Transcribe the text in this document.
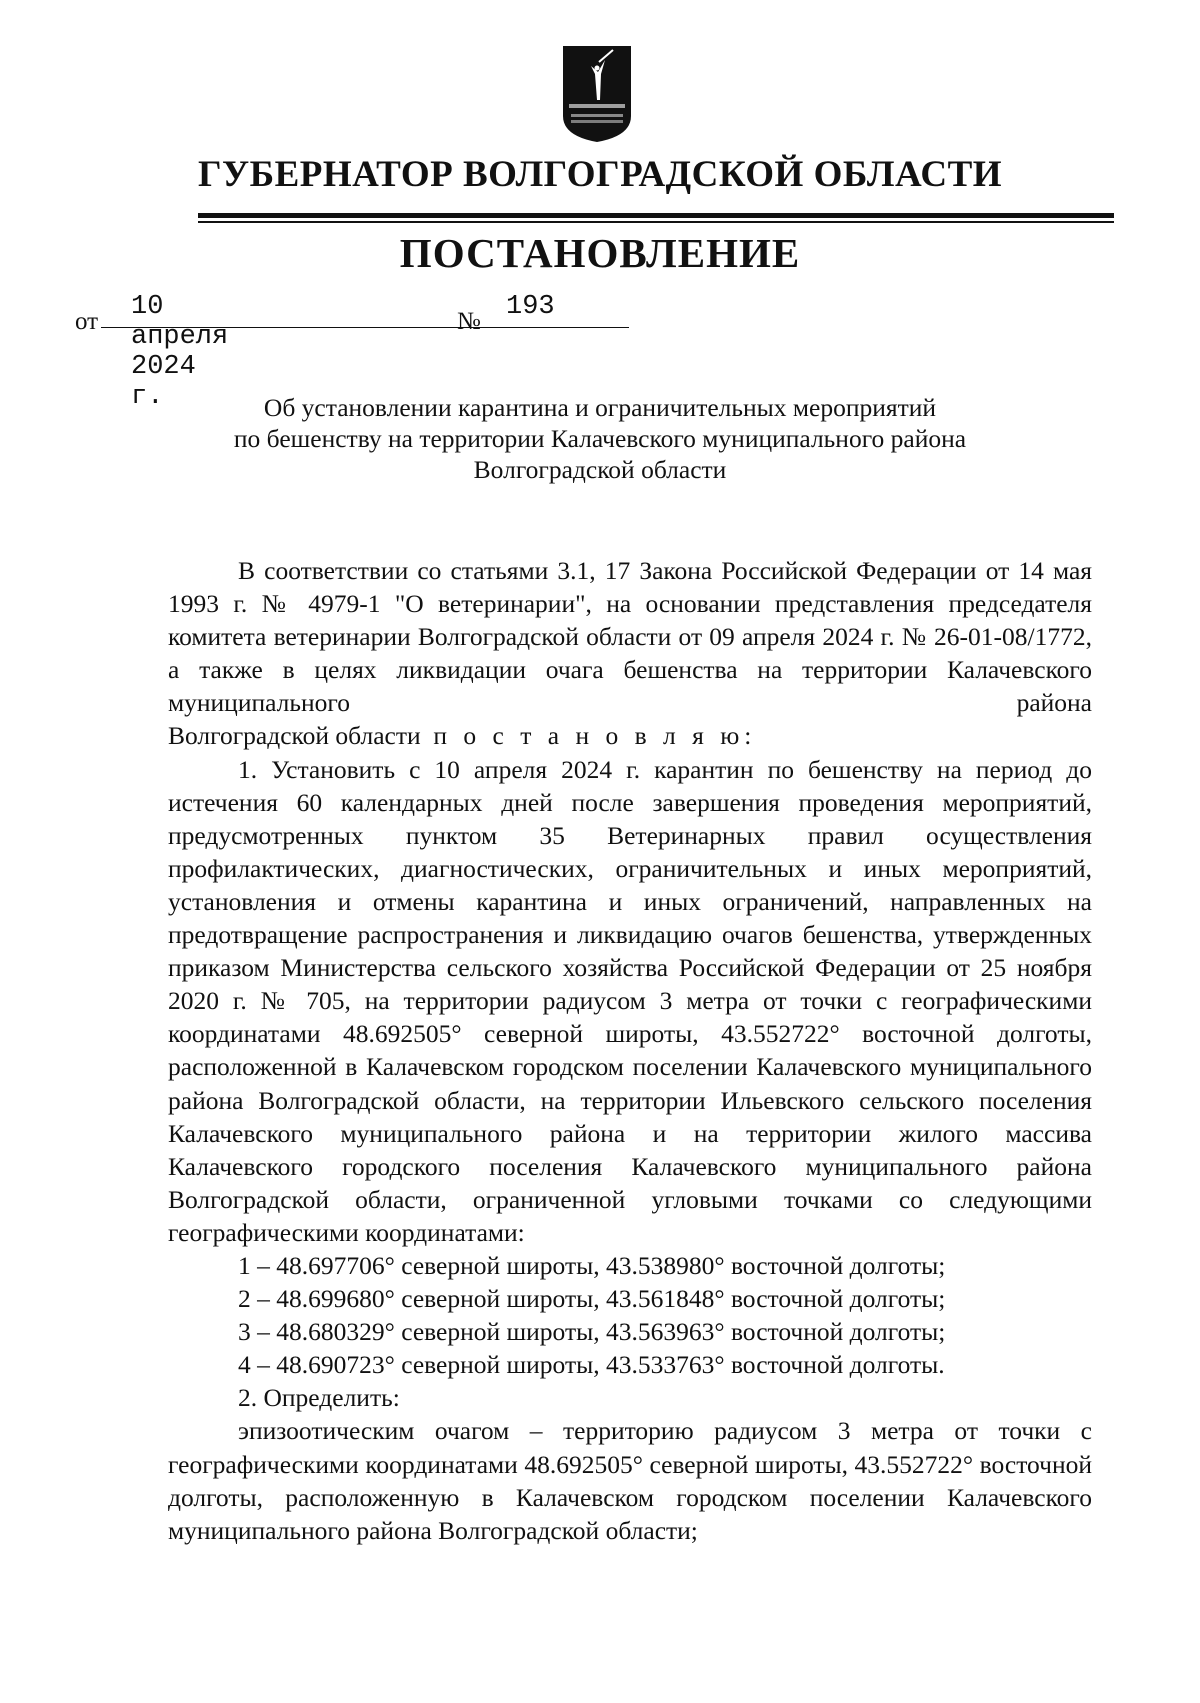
ГУБЕРНАТОР ВОЛГОГРАДСКОЙ ОБЛАСТИ
ПОСТАНОВЛЕНИЕ
от 10 апреля 2024 г.
№ 193

Об установлении карантина и ограничительных мероприятий
по бешенству на территории Калачевского муниципального района
Волгоградской области

В соответствии со статьями 3.1, 17 Закона Российской Федерации от 14 мая 1993 г. № 4979-1 "О ветеринарии", на основании представления председателя комитета ветеринарии Волгоградской области от 09 апреля 2024 г. № 26-01-08/1772, а также в целях ликвидации очага бешенства на территории Калачевского муниципального района

Волгоградской области п о с т а н о в л я ю:

1. Установить с 10 апреля 2024 г. карантин по бешенству на период до истечения 60 календарных дней после завершения проведения мероприятий, предусмотренных пунктом 35 Ветеринарных правил осуществления профилактических, диагностических, ограничительных и иных мероприятий, установления и отмены карантина и иных ограничений, направленных на предотвращение распространения и ликвидацию очагов бешенства, утвержденных приказом Министерства сельского хозяйства Российской Федерации от 25 ноября 2020 г. № 705, на территории радиусом 3 метра от точки с географическими координатами 48.692505° северной широты, 43.552722° восточной долготы, расположенной в Калачевском городском поселении Калачевского муниципального района Волгоградской области, на территории Ильевского сельского поселения Калачевского муниципального района и на территории жилого массива Калачевского городского поселения Калачевского муниципального района Волгоградской области, ограниченной угловыми точками со следующими географическими координатами:

1 – 48.697706° северной широты, 43.538980° восточной долготы;

2 – 48.699680° северной широты, 43.561848° восточной долготы;

3 – 48.680329° северной широты, 43.563963° восточной долготы;

4 – 48.690723° северной широты, 43.533763° восточной долготы.

2. Определить:

эпизоотическим очагом – территорию радиусом 3 метра от точки с географическими координатами 48.692505° северной широты, 43.552722° восточной долготы, расположенную в Калачевском городском поселении Калачевского муниципального района Волгоградской области;
